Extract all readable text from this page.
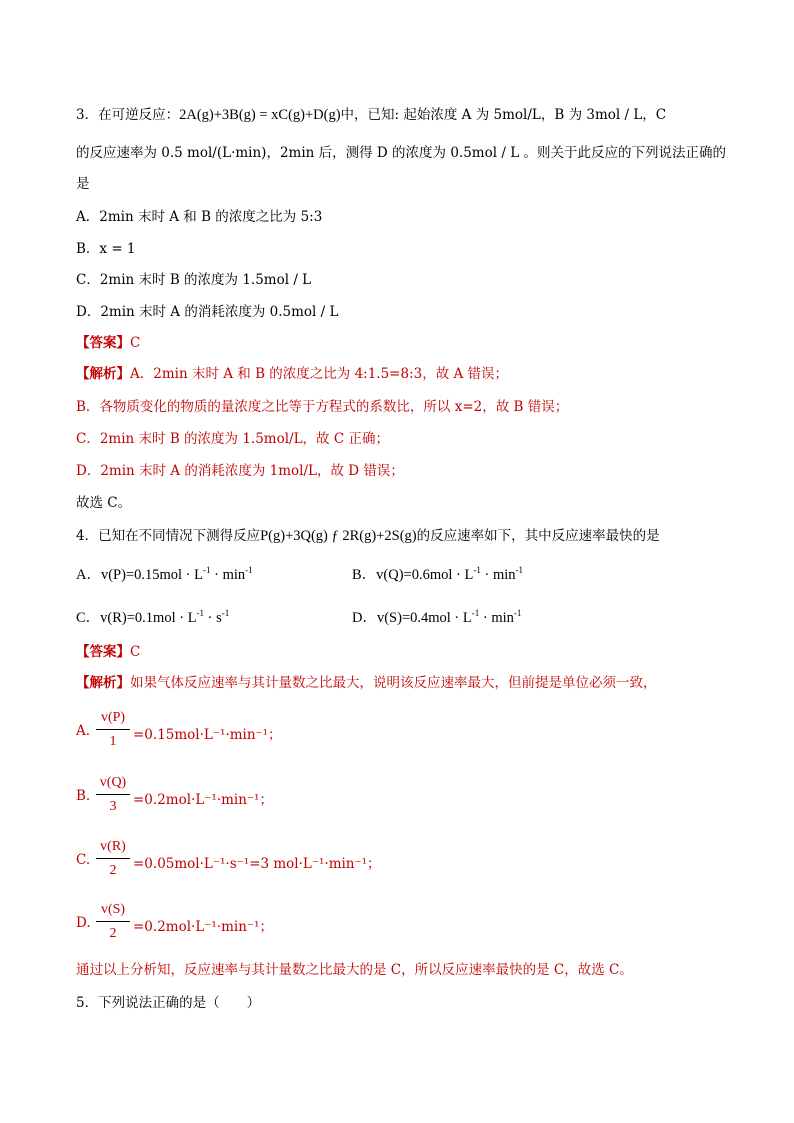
3．在可逆反应：2A(g)+3B(g) = xC(g)+D(g)中，已知: 起始浓度 A 为 5mol/L，B 为 3mol / L，C
的反应速率为 0.5 mol/(L·min)，2min 后，测得 D 的浓度为 0.5mol / L 。则关于此反应的下列说法正确的
是
A．2min 末时 A 和 B 的浓度之比为 5:3
B．x = 1
C．2min 末时 B 的浓度为 1.5mol / L
D．2min 末时 A 的消耗浓度为 0.5mol / L
【答案】C
【解析】A．2min 末时 A 和 B 的浓度之比为 4:1.5=8:3，故 A 错误；
B．各物质变化的物质的量浓度之比等于方程式的系数比，所以 x=2，故 B 错误；
C．2min 末时 B 的浓度为 1.5mol/L，故 C 正确；
D．2min 末时 A 的消耗浓度为 1mol/L，故 D 错误；
故选 C。
4．已知在不同情况下测得反应P(g)+3Q(g) ƒ 2R(g)+2S(g)的反应速率如下，其中反应速率最快的是
A．$v(P)=0.15mol \cdot L^{-1} \cdot \min^{-1}$	B．$v(Q)=0.6mol \cdot L^{-1} \cdot \min^{-1}$
C．$v(R)=0.1mol \cdot L^{-1} \cdot s^{-1}$	D．$v(S)=0.4mol \cdot L^{-1} \cdot \min^{-1}$
【答案】C
【解析】如果气体反应速率与其计量数之比最大，说明该反应速率最大，但前提是单位必须一致，
A.
v(P)
1	=0.15mol·L⁻¹·min⁻¹；
B.
v(Q)
3	=0.2mol·L⁻¹·min⁻¹；
C.
v(R)
2	=0.05mol·L⁻¹·s⁻¹=3 mol·L⁻¹·min⁻¹；
D.
v(S)
2	=0.2mol·L⁻¹·min⁻¹；
通过以上分析知，反应速率与其计量数之比最大的是 C，所以反应速率最快的是 C，故选 C。
5．下列说法正确的是（　　）
